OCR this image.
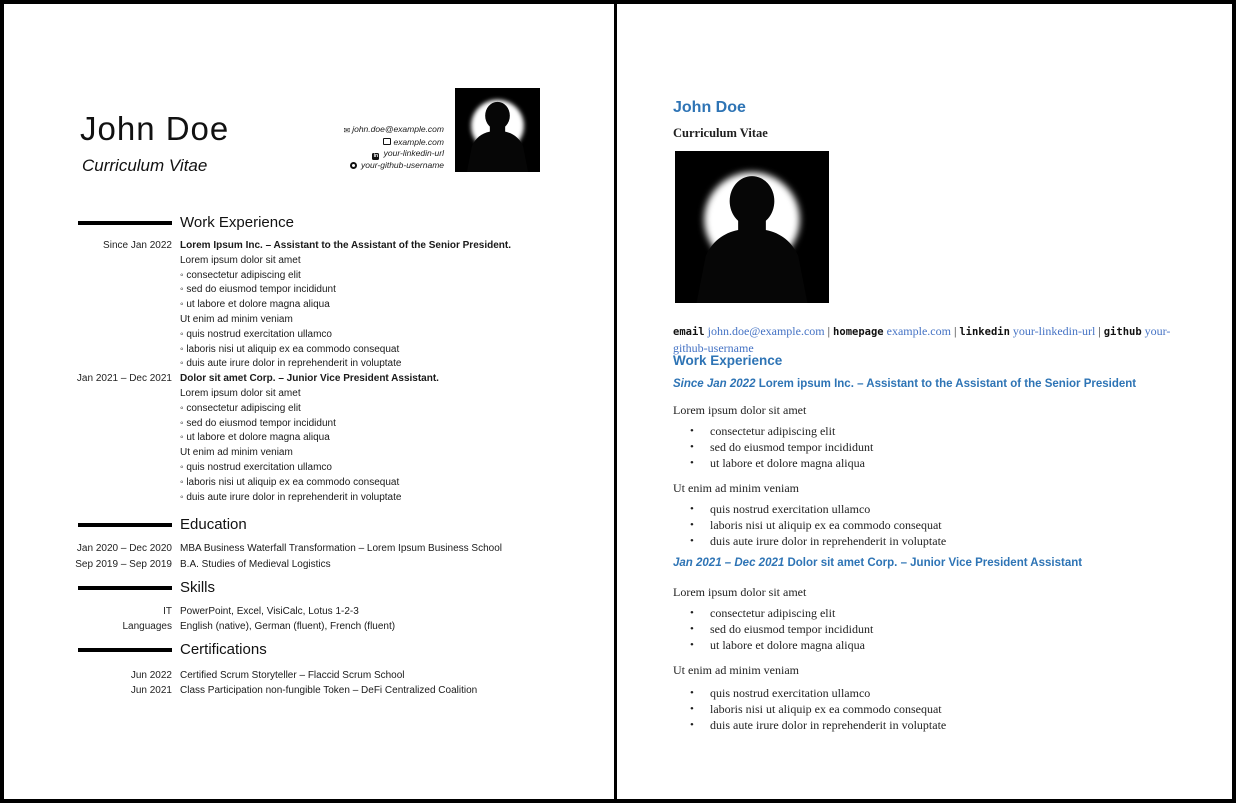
John Doe
Curriculum Vitae
✉ john.doe@example.com
example.com
in your-linkedin-url
your-github-username
Work Experience
Since Jan 2022 Lorem Ipsum Inc. – Assistant to the Assistant of the Senior President.
Lorem ipsum dolor sit amet
◦ consectetur adipiscing elit
◦ sed do eiusmod tempor incididunt
◦ ut labore et dolore magna aliqua
Ut enim ad minim veniam
◦ quis nostrud exercitation ullamco
◦ laboris nisi ut aliquip ex ea commodo consequat
◦ duis aute irure dolor in reprehenderit in voluptate
Jan 2021 – Dec 2021 Dolor sit amet Corp. – Junior Vice President Assistant.
Lorem ipsum dolor sit amet
◦ consectetur adipiscing elit
◦ sed do eiusmod tempor incididunt
◦ ut labore et dolore magna aliqua
Ut enim ad minim veniam
◦ quis nostrud exercitation ullamco
◦ laboris nisi ut aliquip ex ea commodo consequat
◦ duis aute irure dolor in reprehenderit in voluptate
Education
Jan 2020 – Dec 2020 MBA Business Waterfall Transformation – Lorem Ipsum Business School
Sep 2019 – Sep 2019 B.A. Studies of Medieval Logistics
Skills
IT PowerPoint, Excel, VisiCalc, Lotus 1-2-3
Languages English (native), German (fluent), French (fluent)
Certifications
Jun 2022 Certified Scrum Storyteller – Flaccid Scrum School
Jun 2021 Class Participation non-fungible Token – DeFi Centralized Coalition
John Doe
Curriculum Vitae

email john.doe@example.com | homepage example.com | linkedin your-linkedin-url | github your-github-username

Work Experience
Since Jan 2022 Lorem ipsum Inc. – Assistant to the Assistant of the Senior President
Lorem ipsum dolor sit amet
• consectetur adipiscing elit
• sed do eiusmod tempor incididunt
• ut labore et dolore magna aliqua
Ut enim ad minim veniam
• quis nostrud exercitation ullamco
• laboris nisi ut aliquip ex ea commodo consequat
• duis aute irure dolor in reprehenderit in voluptate
Jan 2021 – Dec 2021 Dolor sit amet Corp. – Junior Vice President Assistant
Lorem ipsum dolor sit amet
• consectetur adipiscing elit
• sed do eiusmod tempor incididunt
• ut labore et dolore magna aliqua
Ut enim ad minim veniam
• quis nostrud exercitation ullamco
• laboris nisi ut aliquip ex ea commodo consequat
• duis aute irure dolor in reprehenderit in voluptate
